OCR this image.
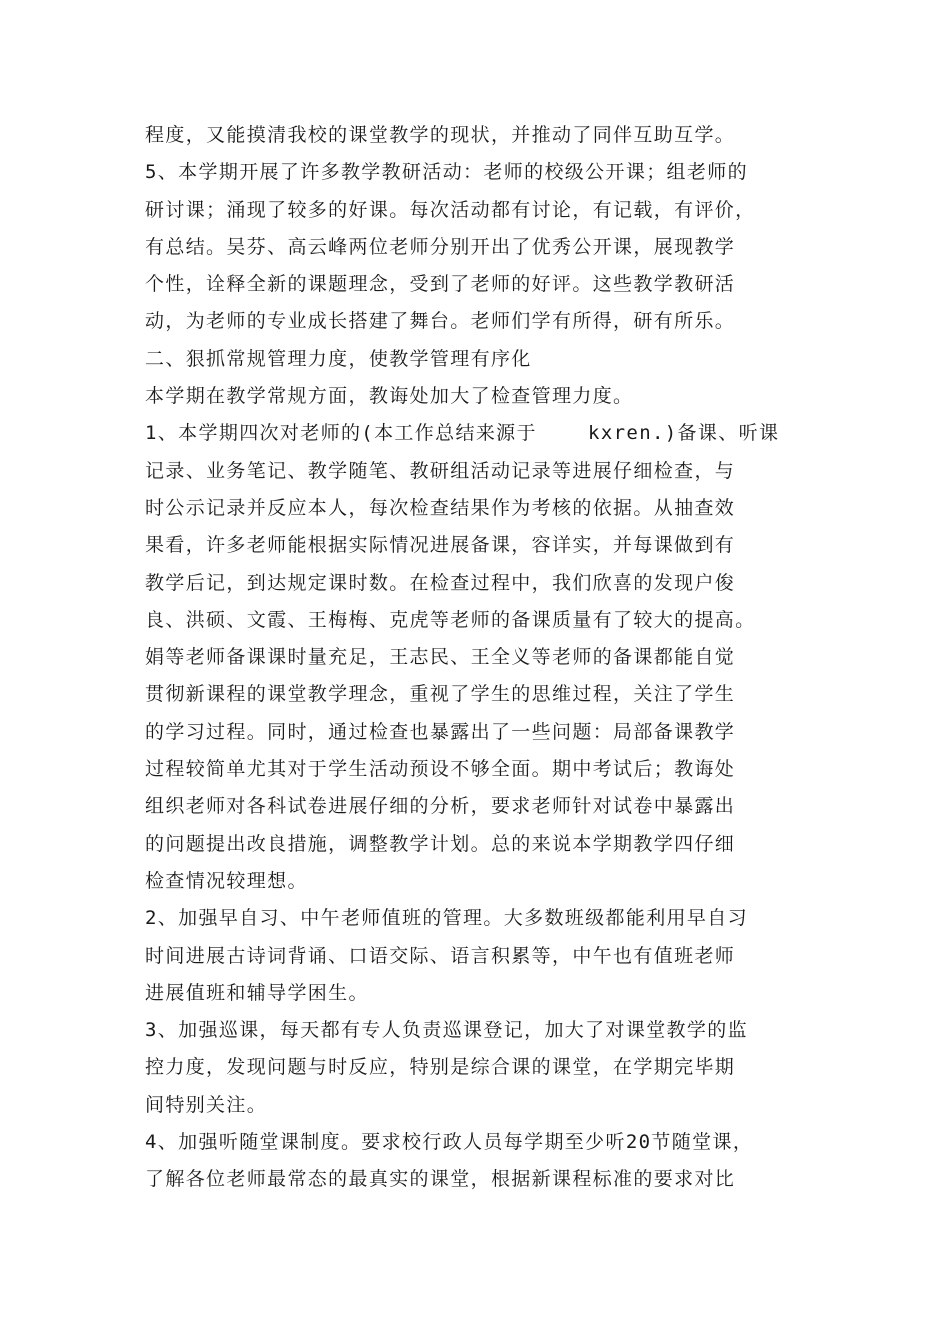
程度，又能摸清我校的课堂教学的现状，并推动了同伴互助互学。
5、本学期开展了许多教学教研活动：老师的校级公开课；组老师的
研讨课；涌现了较多的好课。每次活动都有讨论，有记载，有评价，
有总结。吴芬、高云峰两位老师分别开出了优秀公开课，展现教学
个性，诠释全新的课题理念，受到了老师的好评。这些教学教研活
动，为老师的专业成长搭建了舞台。老师们学有所得，研有所乐。
二、狠抓常规管理力度，使教学管理有序化
本学期在教学常规方面，教诲处加大了检查管理力度。
1、本学期四次对老师的(本工作总结来源于    kxren.)备课、听课
记录、业务笔记、教学随笔、教研组活动记录等进展仔细检查，与
时公示记录并反应本人，每次检查结果作为考核的依据。从抽查效
果看，许多老师能根据实际情况进展备课，容详实，并每课做到有
教学后记，到达规定课时数。在检查过程中，我们欣喜的发现户俊
良、洪硕、文霞、王梅梅、克虎等老师的备课质量有了较大的提高。
娟等老师备课课时量充足，王志民、王全义等老师的备课都能自觉
贯彻新课程的课堂教学理念，重视了学生的思维过程，关注了学生
的学习过程。同时，通过检查也暴露出了一些问题：局部备课教学
过程较简单尤其对于学生活动预设不够全面。期中考试后；教诲处
组织老师对各科试卷进展仔细的分析，要求老师针对试卷中暴露出
的问题提出改良措施，调整教学计划。总的来说本学期教学四仔细
检查情况较理想。
2、加强早自习、中午老师值班的管理。大多数班级都能利用早自习
时间进展古诗词背诵、口语交际、语言积累等，中午也有值班老师
进展值班和辅导学困生。
3、加强巡课，每天都有专人负责巡课登记，加大了对课堂教学的监
控力度，发现问题与时反应，特别是综合课的课堂，在学期完毕期
间特别关注。
4、加强听随堂课制度。要求校行政人员每学期至少听20节随堂课，
了解各位老师最常态的最真实的课堂，根据新课程标准的要求对比
